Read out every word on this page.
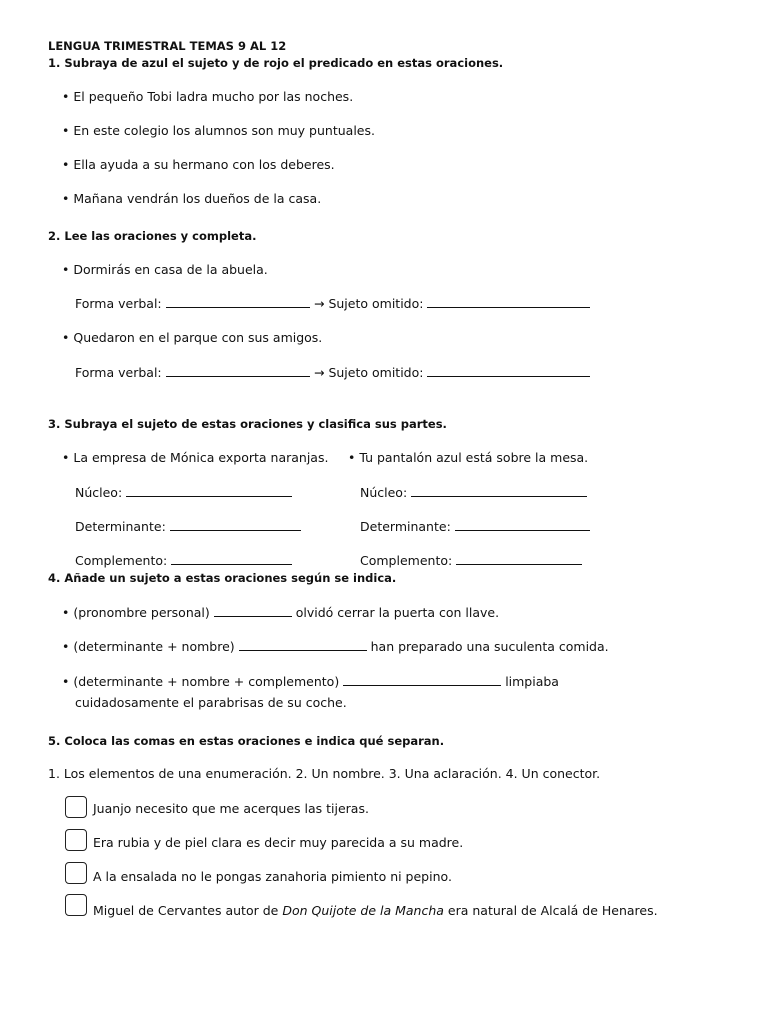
LENGUA TRIMESTRAL TEMAS 9 AL 12
1. Subraya de azul el sujeto y de rojo el predicado en estas oraciones.
• El pequeño Tobi ladra mucho por las noches.
• En este colegio los alumnos son muy puntuales.
• Ella ayuda a su hermano con los deberes.
• Mañana vendrán los dueños de la casa.
2. Lee las oraciones y completa.
• Dormirás en casa de la abuela.
Forma verbal:	→ Sujeto omitido:
• Quedaron en el parque con sus amigos.
Forma verbal:	→ Sujeto omitido:
3. Subraya el sujeto de estas oraciones y clasifica sus partes.
• La empresa de Mónica exporta naranjas. • Tu pantalón azul está sobre la mesa.
Núcleo:	Núcleo:
Determinante:	Determinante:
Complemento:	Complemento:
4. Añade un sujeto a estas oraciones según se indica.
• (pronombre personal)	olvidó cerrar la puerta con llave.
• (determinante + nombre)	han preparado una suculenta comida.
• (determinante + nombre + complemento)	limpiaba
cuidadosamente el parabrisas de su coche.
5. Coloca las comas en estas oraciones e indica qué separan.
1. Los elementos de una enumeración. 2. Un nombre. 3. Una aclaración. 4. Un conector.
Juanjo necesito que me acerques las tijeras.
Era rubia y de piel clara es decir muy parecida a su madre.
A la ensalada no le pongas zanahoria pimiento ni pepino.
Miguel de Cervantes autor de Don Quijote de la Mancha era natural de Alcalá de Henares.
